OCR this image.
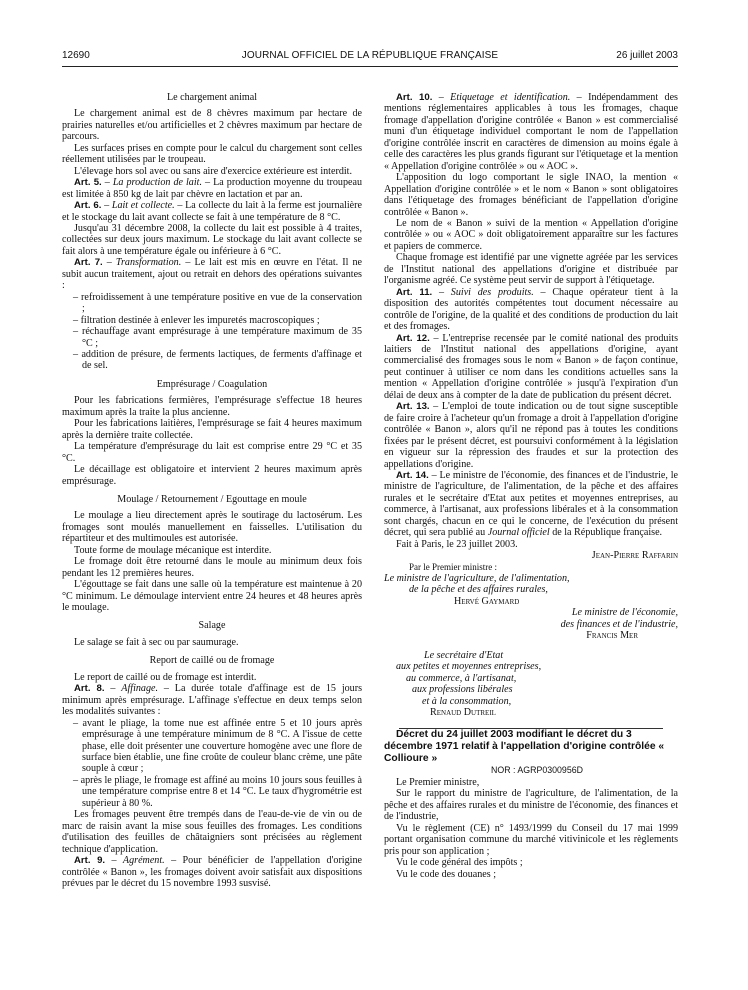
12690	JOURNAL OFFICIEL DE LA RÉPUBLIQUE FRANÇAISE	26 juillet 2003
Le chargement animal

Le chargement animal est de 8 chèvres maximum par hectare de prairies naturelles et/ou artificielles et 2 chèvres maximum par hectare de parcours.

Les surfaces prises en compte pour le calcul du chargement sont celles réellement utilisées par le troupeau.

L'élevage hors sol avec ou sans aire d'exercice extérieure est interdit.

Art. 5. – La production de lait. – La production moyenne du troupeau est limitée à 850 kg de lait par chèvre en lactation et par an.

Art. 6. – Lait et collecte. – La collecte du lait à la ferme est journalière et le stockage du lait avant collecte se fait à une température de 8 °C.

Jusqu'au 31 décembre 2008, la collecte du lait est possible à 4 traites, collectées sur deux jours maximum. Le stockage du lait avant collecte se fait alors à une température égale ou inférieure à 6 °C.

Art. 7. – Transformation. – Le lait est mis en œuvre en l'état. Il ne subit aucun traitement, ajout ou retrait en dehors des opérations suivantes :

– refroidissement à une température positive en vue de la conservation ;
– filtration destinée à enlever les impuretés macroscopiques ;
– réchauffage avant emprésurage à une température maximum de 35 °C ;
– addition de présure, de ferments lactiques, de ferments d'affinage et de sel.
Emprésurage / Coagulation

Pour les fabrications fermières, l'emprésurage s'effectue 18 heures maximum après la traite la plus ancienne.

Pour les fabrications laitières, l'emprésurage se fait 4 heures maximum après la dernière traite collectée.

La température d'emprésurage du lait est comprise entre 29 °C et 35 °C.

Le décaillage est obligatoire et intervient 2 heures maximum après emprésurage.

Moulage / Retournement / Egouttage en moule

Le moulage a lieu directement après le soutirage du lactosérum. Les fromages sont moulés manuellement en faisselles. L'utilisation du répartiteur et des multimoules est autorisée.

Toute forme de moulage mécanique est interdite.

Le fromage doit être retourné dans le moule au minimum deux fois pendant les 12 premières heures.

L'égouttage se fait dans une salle où la température est maintenue à 20 °C minimum. Le démoulage intervient entre 24 heures et 48 heures après le moulage.

Salage

Le salage se fait à sec ou par saumurage.

Report de caillé ou de fromage

Le report de caillé ou de fromage est interdit.

Art. 8. – Affinage. – La durée totale d'affinage est de 15 jours minimum après emprésurage. L'affinage s'effectue en deux temps selon les modalités suivantes :

– avant le pliage, la tome nue est affinée entre 5 et 10 jours après emprésurage à une température minimum de 8 °C. A l'issue de cette phase, elle doit présenter une couverture homogène avec une flore de surface bien établie, une fine croûte de couleur blanc crème, une pâte souple à cœur ;
– après le pliage, le fromage est affiné au moins 10 jours sous feuilles à une température comprise entre 8 et 14 °C. Le taux d'hygrométrie est supérieur à 80 %.

Les fromages peuvent être trempés dans de l'eau-de-vie de vin ou de marc de raisin avant la mise sous feuilles des fromages. Les conditions d'utilisation des feuilles de châtaigniers sont précisées au règlement technique d'application.

Art. 9. – Agrément. – Pour bénéficier de l'appellation d'origine contrôlée « Banon », les fromages doivent avoir satisfait aux dispositions prévues par le décret du 15 novembre 1993 susvisé.

Art. 10. – Etiquetage et identification. – Indépendamment des mentions réglementaires applicables à tous les fromages, chaque fromage d'appellation d'origine contrôlée « Banon » est commercialisé muni d'un étiquetage individuel comportant le nom de l'appellation d'origine contrôlée inscrit en caractères de dimension au moins égale à celle des caractères les plus grands figurant sur l'étiquetage et la mention « Appellation d'origine contrôlée » ou « AOC ».

L'apposition du logo comportant le sigle INAO, la mention « Appellation d'origine contrôlée » et le nom « Banon » sont obligatoires dans l'étiquetage des fromages bénéficiant de l'appellation d'origine contrôlée « Banon ».

Le nom de « Banon » suivi de la mention « Appellation d'origine contrôlée » ou « AOC » doit obligatoirement apparaître sur les factures et papiers de commerce.

Chaque fromage est identifié par une vignette agréée par les services de l'Institut national des appellations d'origine et distribuée par l'organisme agréé. Ce système peut servir de support à l'étiquetage.

Art. 11. – Suivi des produits. – Chaque opérateur tient à la disposition des autorités compétentes tout document nécessaire au contrôle de l'origine, de la qualité et des conditions de production du lait et des fromages.

Art. 12. – L'entreprise recensée par le comité national des produits laitiers de l'Institut national des appellations d'origine, ayant commercialisé des fromages sous le nom « Banon » de façon continue, peut continuer à utiliser ce nom dans les conditions actuelles sans la mention « Appellation d'origine contrôlée » jusqu'à l'expiration d'un délai de deux ans à compter de la date de publication du présent décret.

Art. 13. – L'emploi de toute indication ou de tout signe susceptible de faire croire à l'acheteur qu'un fromage a droit à l'appellation d'origine contrôlée « Banon », alors qu'il ne répond pas à toutes les conditions fixées par le présent décret, est poursuivi conformément à la législation en vigueur sur la répression des fraudes et sur la protection des appellations d'origine.

Art. 14. – Le ministre de l'économie, des finances et de l'industrie, le ministre de l'agriculture, de l'alimentation, de la pêche et des affaires rurales et le secrétaire d'Etat aux petites et moyennes entreprises, au commerce, à l'artisanat, aux professions libérales et à la consommation sont chargés, chacun en ce qui le concerne, de l'exécution du présent décret, qui sera publié au Journal officiel de la République française.

Fait à Paris, le 23 juillet 2003.

Jean-Pierre Raffarin

Par le Premier ministre :

Le ministre de l'agriculture, de l'alimentation,

de la pêche et des affaires rurales,

Hervé Gaymard

Le ministre de l'économie,

des finances et de l'industrie,

Francis Mer

Le secrétaire d'Etat

aux petites et moyennes entreprises,

au commerce, à l'artisanat,

aux professions libérales

et à la consommation,

Renaud Dutreil

Décret du 24 juillet 2003 modifiant le décret du 3 décembre 1971 relatif à l'appellation d'origine contrôlée « Collioure »

NOR : AGRP0300956D

Le Premier ministre,

Sur le rapport du ministre de l'agriculture, de l'alimentation, de la pêche et des affaires rurales et du ministre de l'économie, des finances et de l'industrie,

Vu le règlement (CE) n° 1493/1999 du Conseil du 17 mai 1999 portant organisation commune du marché vitivinicole et les règlements pris pour son application ;

Vu le code général des impôts ;

Vu le code des douanes ;
